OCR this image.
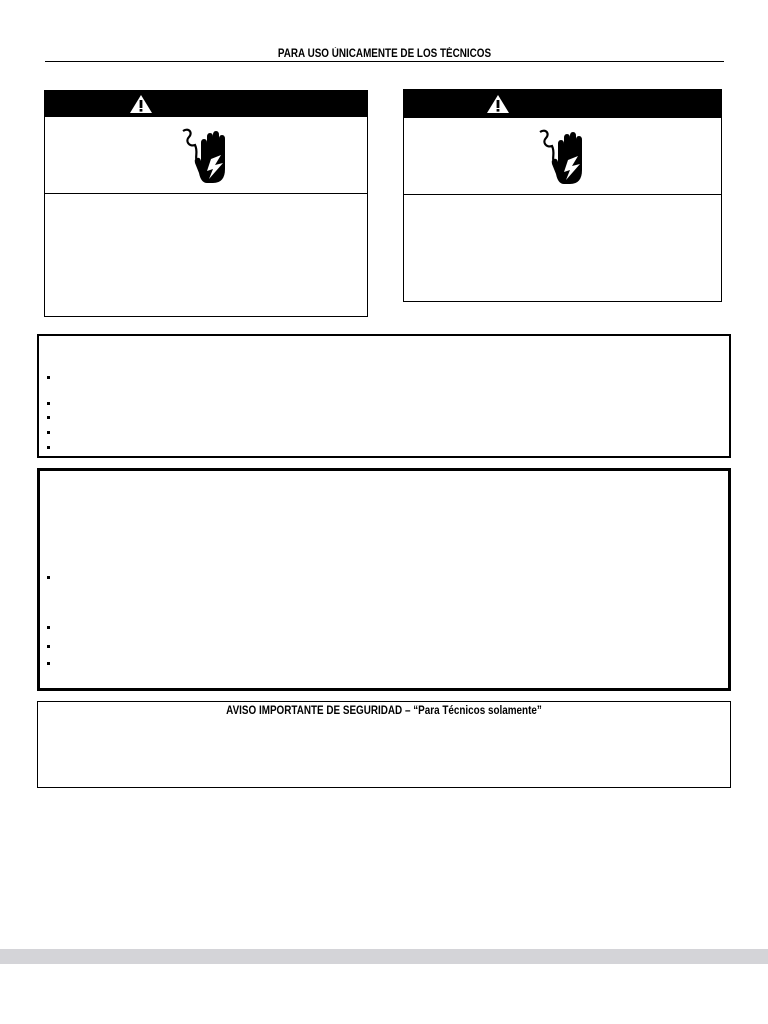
PARA USO ÚNICAMENTE DE LOS TÉCNICOS
AVISO IMPORTANTE DE SEGURIDAD – “Para Técnicos solamente”
